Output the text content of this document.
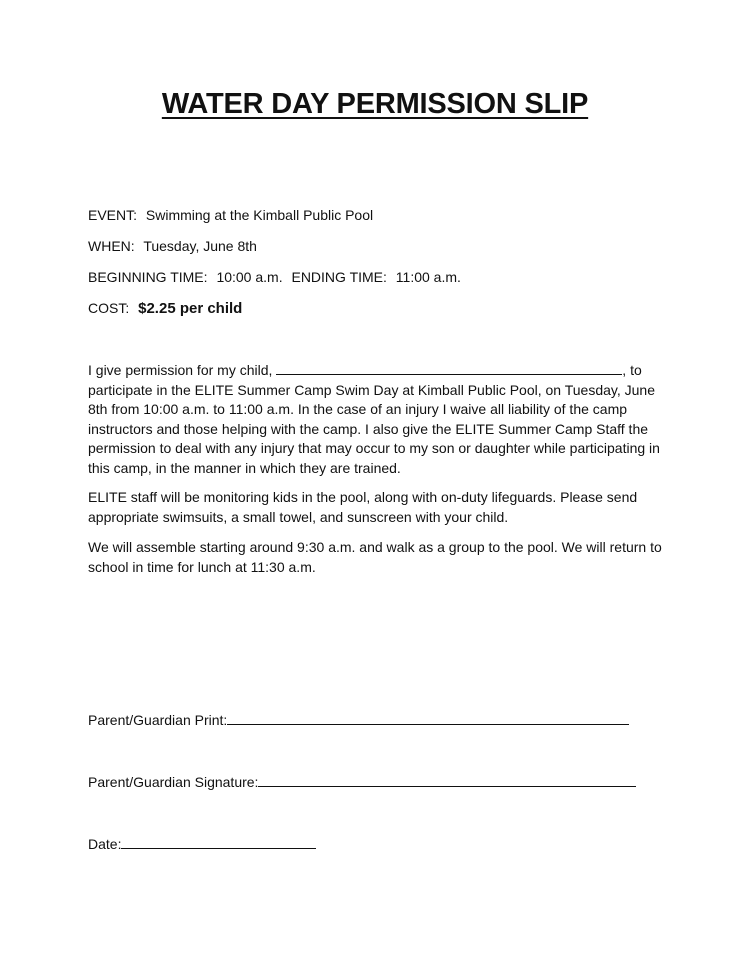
WATER DAY PERMISSION SLIP
EVENT: Swimming at the Kimball Public Pool
WHEN: Tuesday, June 8th
BEGINNING TIME: 10:00 a.m. ENDING TIME: 11:00 a.m.
COST: $2.25 per child
I give permission for my child,	, to participate in the ELITE Summer Camp Swim Day at Kimball Public Pool, on Tuesday, June 8th from 10:00 a.m. to 11:00 a.m. In the case of an injury I waive all liability of the camp instructors and those helping with the camp. I also give the ELITE Summer Camp Staff the permission to deal with any injury that may occur to my son or daughter while participating in this camp, in the manner in which they are trained.
ELITE staff will be monitoring kids in the pool, along with on-duty lifeguards. Please send appropriate swimsuits, a small towel, and sunscreen with your child.
We will assemble starting around 9:30 a.m. and walk as a group to the pool. We will return to school in time for lunch at 11:30 a.m.
Parent/Guardian Print:
Parent/Guardian Signature:
Date:
